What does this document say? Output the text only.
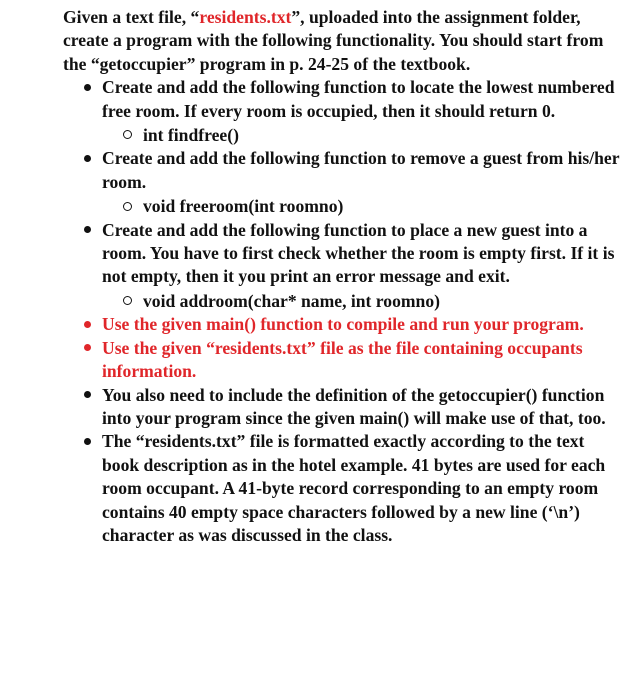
Given a text file, “residents.txt”, uploaded into the assignment folder, create a program with the following functionality. You should start from the “getoccupier” program in p. 24-25 of the textbook.

Create and add the following function to locate the lowest numbered free room. If every room is occupied, then it should return 0.
int findfree()
Create and add the following function to remove a guest from his/her room.
void freeroom(int roomno)
Create and add the following function to place a new guest into a room. You have to first check whether the room is empty first. If it is not empty, then it you print an error message and exit.
void addroom(char* name, int roomno)
Use the given main() function to compile and run your program.
Use the given “residents.txt” file as the file containing occupants information.
You also need to include the definition of the getoccupier() function into your program since the given main() will make use of that, too.
The “residents.txt” file is formatted exactly according to the text book description as in the hotel example. 41 bytes are used for each room occupant. A 41-byte record corresponding to an empty room contains 40 empty space characters followed by a new line (‘\n’) character as was discussed in the class.
